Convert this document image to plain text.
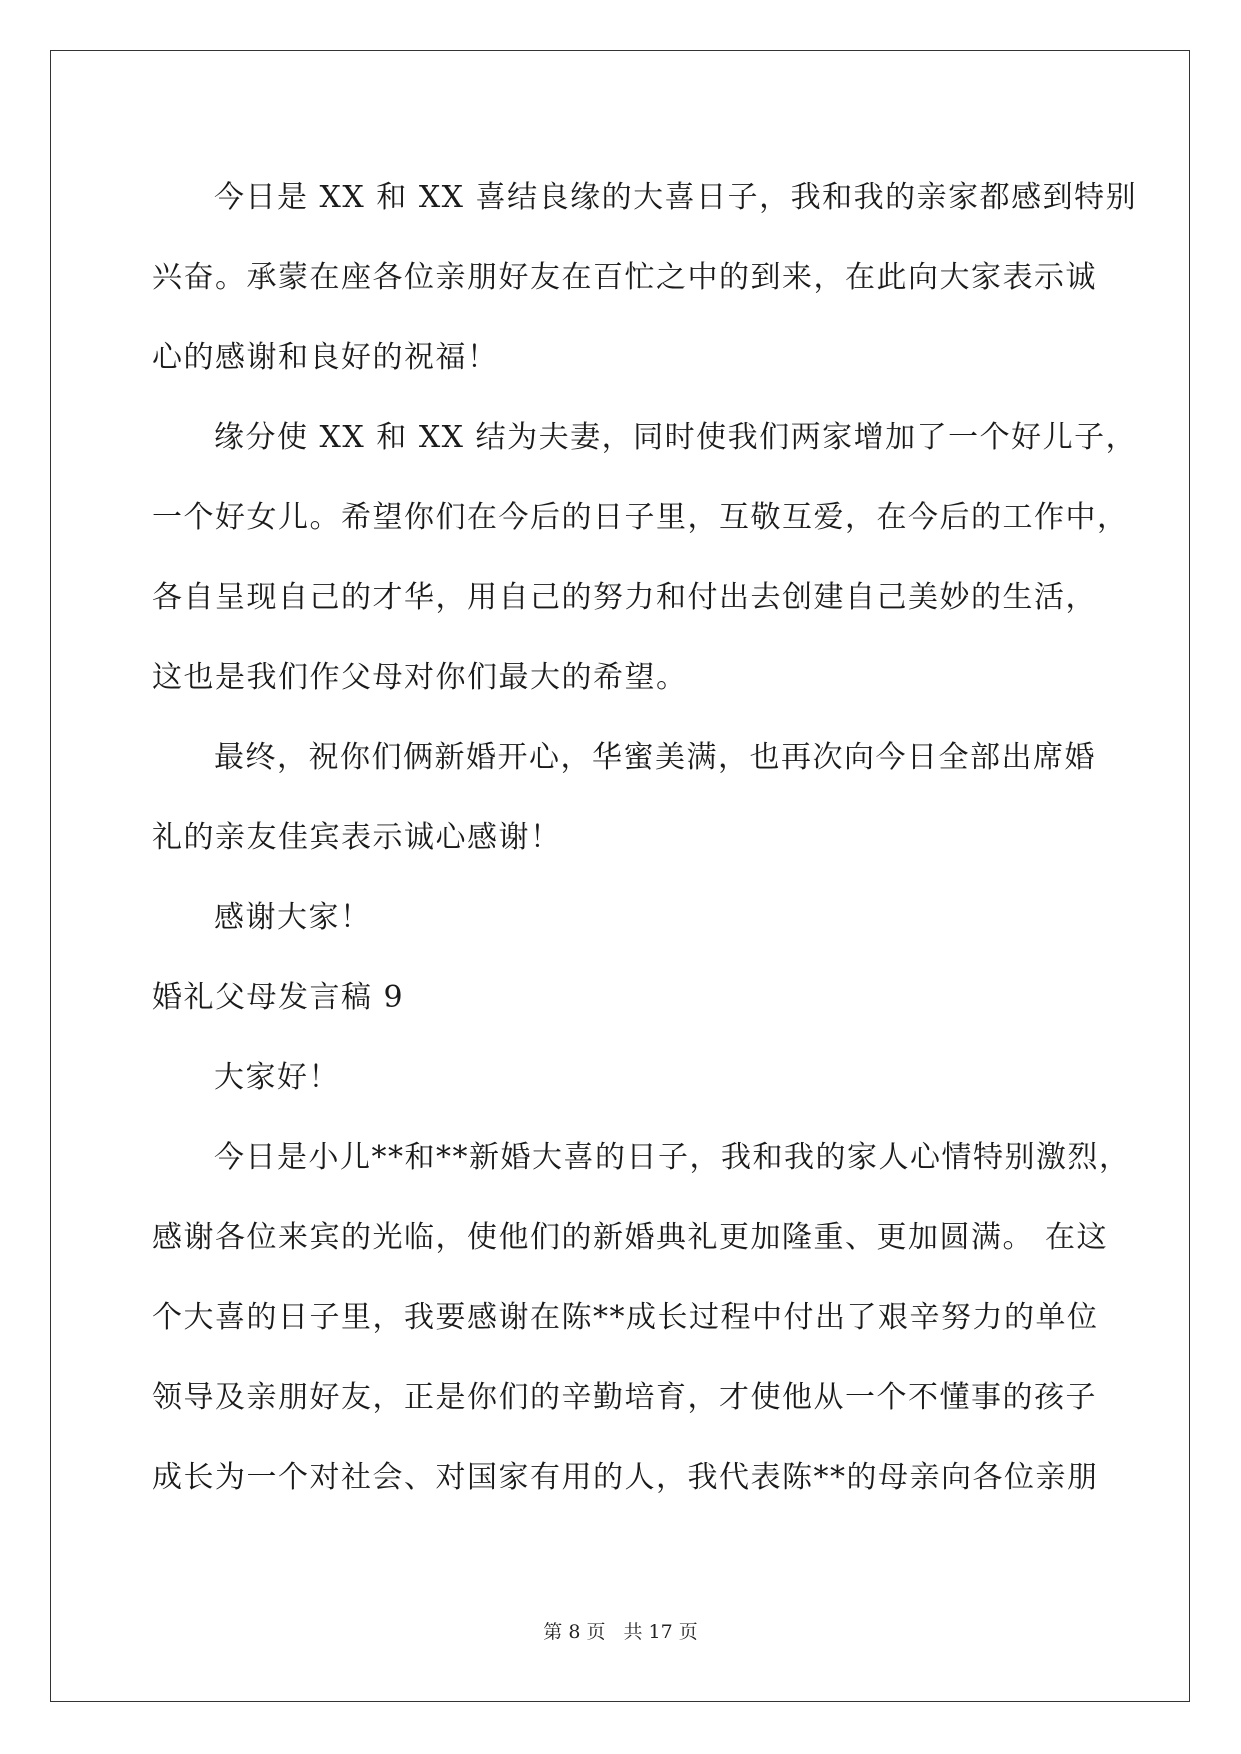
今日是 XX 和 XX 喜结良缘的大喜日子，我和我的亲家都感到特别
兴奋。承蒙在座各位亲朋好友在百忙之中的到来，在此向大家表示诚
心的感谢和良好的祝福！
缘分使 XX 和 XX 结为夫妻，同时使我们两家增加了一个好儿子，
一个好女儿。希望你们在今后的日子里，互敬互爱，在今后的工作中，
各自呈现自己的才华，用自己的努力和付出去创建自己美妙的生活，
这也是我们作父母对你们最大的希望。
最终，祝你们俩新婚开心，华蜜美满，也再次向今日全部出席婚
礼的亲友佳宾表示诚心感谢！
感谢大家！
婚礼父母发言稿 9
大家好！
今日是小儿**和**新婚大喜的日子，我和我的家人心情特别激烈，
感谢各位来宾的光临，使他们的新婚典礼更加隆重、更加圆满。 在这
个大喜的日子里，我要感谢在陈**成长过程中付出了艰辛努力的单位
领导及亲朋好友，正是你们的辛勤培育，才使他从一个不懂事的孩子
成长为一个对社会、对国家有用的人，我代表陈**的母亲向各位亲朋
第 8 页 共 17 页
